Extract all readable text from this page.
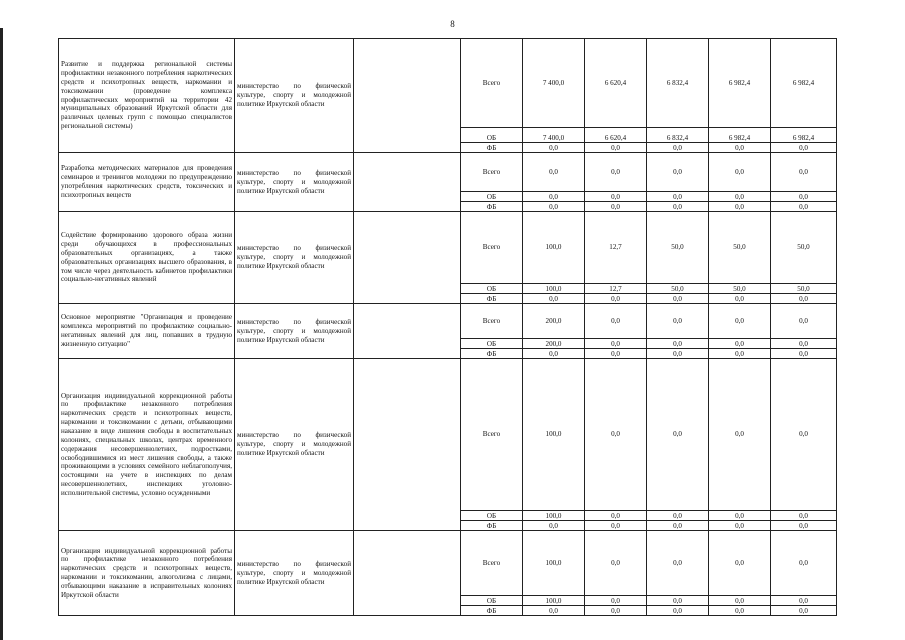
8
Развитие и поддержка региональной системы профилактики незаконного потребления наркотических средств и психотропных веществ, наркомании и токсикомании (проведение комплекса профилактических мероприятий на территории 42 муниципальных образований Иркутской области для различных целевых групп с помощью специалистов региональной системы)	министерство по физической культуре, спорту и молодежной политике Иркутской области		Всего	7 400,0	6 620,4	6 832,4	6 982,4	6 982,4	
			ОБ	7 400,0	6 620,4	6 832,4	6 982,4	6 982,4	
			ФБ	0,0	0,0	0,0	0,0	0,0	
Разработка методических материалов для проведения семинаров и тренингов молодежи по предупреждению употребления наркотических средств, токсических и психотропных веществ	министерство по физической культуре, спорту и молодежной политике Иркутской области		Всего	0,0	0,0	0,0	0,0	0,0	
			ОБ	0,0	0,0	0,0	0,0	0,0	
			ФБ	0,0	0,0	0,0	0,0	0,0	
Содействие формированию здорового образа жизни среди обучающихся в профессиональных образовательных организациях, а также образовательных организациях высшего образования, в том числе через деятельность кабинетов профилактики социально-негативных явлений	министерство по физической культуре, спорту и молодежной политике Иркутской области		Всего	100,0	12,7	50,0	50,0	50,0	
			ОБ	100,0	12,7	50,0	50,0	50,0	
			ФБ	0,0	0,0	0,0	0,0	0,0	
Основное мероприятие "Организация и проведение комплекса мероприятий по профилактике социально-негативных явлений для лиц, попавших в трудную жизненную ситуацию"	министерство по физической культуре, спорту и молодежной политике Иркутской области		Всего	200,0	0,0	0,0	0,0	0,0	
			ОБ	200,0	0,0	0,0	0,0	0,0	
			ФБ	0,0	0,0	0,0	0,0	0,0	
Организация индивидуальной коррекционной работы по профилактике незаконного потребления наркотических средств и психотропных веществ, наркомании и токсикомании с детьми, отбывающими наказание в виде лишения свободы в воспитательных колониях, специальных школах, центрах временного содержания несовершеннолетних, подростками, освободившимися из мест лишения свободы, а также проживающими в условиях семейного неблагополучия, состоящими на учете в инспекциях по делам несовершеннолетних, инспекциях уголовно-исполнительной системы, условно осужденными	министерство по физической культуре, спорту и молодежной политике Иркутской области		Всего	100,0	0,0	0,0	0,0	0,0	
			ОБ	100,0	0,0	0,0	0,0	0,0	
			ФБ	0,0	0,0	0,0	0,0	0,0	
Организация индивидуальной коррекционной работы по профилактике незаконного потребления наркотических средств и психотропных веществ, наркомании и токсикомании, алкоголизма с лицами, отбывающими наказание в исправительных колониях Иркутской области	министерство по физической культуре, спорту и молодежной политике Иркутской области		Всего	100,0	0,0	0,0	0,0	0,0	
			ОБ	100,0	0,0	0,0	0,0	0,0	
			ФБ	0,0	0,0	0,0	0,0	0,0	
